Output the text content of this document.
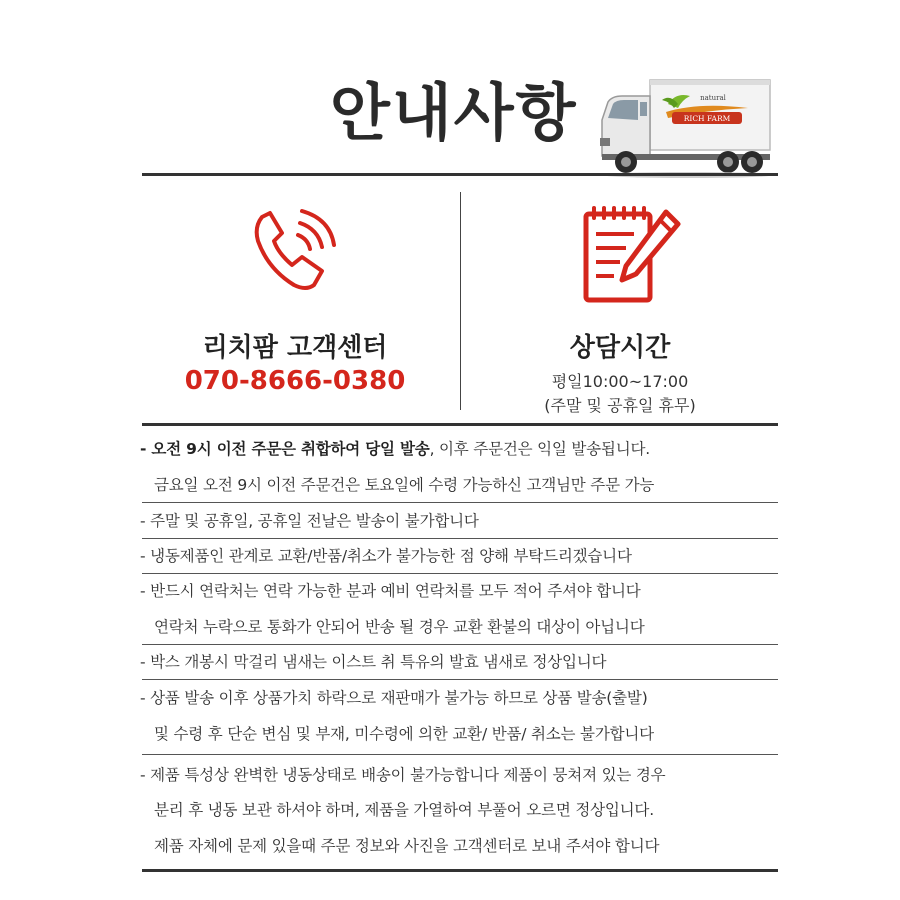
안내사항	natural
RICH FARM
리치팜 고객센터
070-8666-0380
상담시간
평일10:00~17:00
(주말 및 공휴일 휴무)
- 오전 9시 이전 주문은 취합하여 당일 발송, 이후 주문건은 익일 발송됩니다.
금요일 오전 9시 이전 주문건은 토요일에 수령 가능하신 고객님만 주문 가능
- 주말 및 공휴일, 공휴일 전날은 발송이 불가합니다
- 냉동제품인 관계로 교환/반품/취소가 불가능한 점 양해 부탁드리겠습니다
- 반드시 연락처는 연락 가능한 분과 예비 연락처를 모두 적어 주셔야 합니다
연락처 누락으로 통화가 안되어 반송 될 경우 교환 환불의 대상이 아닙니다
- 박스 개봉시 막걸리 냄새는 이스트 취 특유의 발효 냄새로 정상입니다
- 상품 발송 이후 상품가치 하락으로 재판매가 불가능 하므로 상품 발송(출발)
및 수령 후 단순 변심 및 부재, 미수령에 의한 교환/ 반품/ 취소는 불가합니다
- 제품 특성상 완벽한 냉동상태로 배송이 불가능합니다 제품이 뭉쳐져 있는 경우
분리 후 냉동 보관 하셔야 하며, 제품을 가열하여 부풀어 오르면 정상입니다.
제품 자체에 문제 있을때 주문 정보와 사진을 고객센터로 보내 주셔야 합니다
